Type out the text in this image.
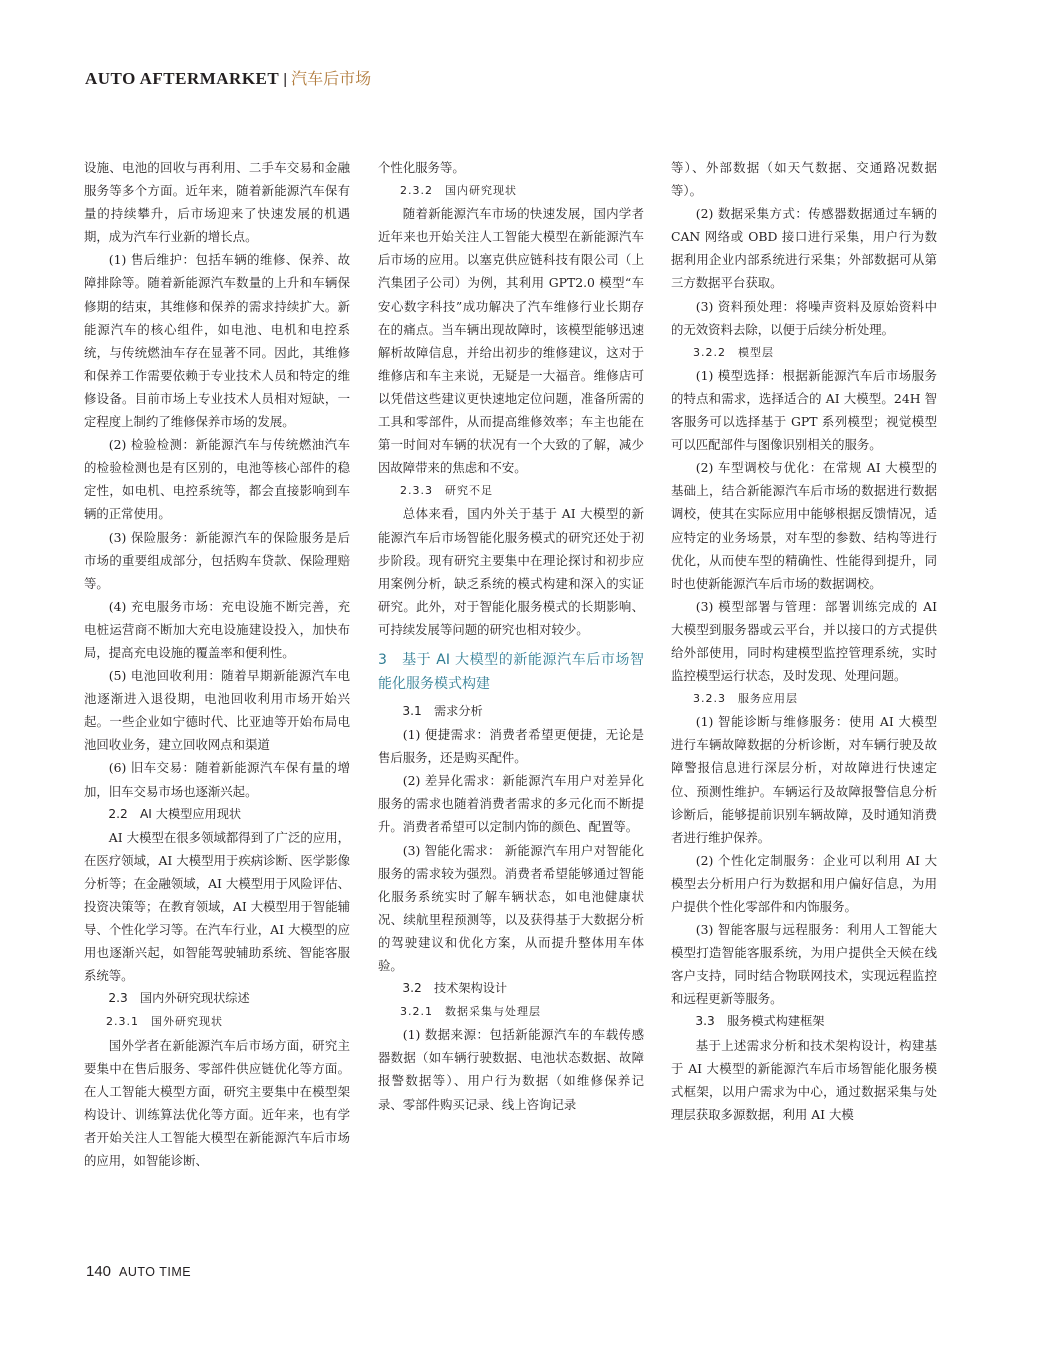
AUTO AFTERMARKET | 汽车后市场

设施、电池的回收与再利用、二手车交易和金融服务等多个方面。近年来，随着新能源汽车保有量的持续攀升，后市场迎来了快速发展的机遇期，成为汽车行业新的增长点。

(1) 售后维护：包括车辆的维修、保养、故障排除等。随着新能源汽车数量的上升和车辆保修期的结束，其维修和保养的需求持续扩大。新能源汽车的核心组件，如电池、电机和电控系统，与传统燃油车存在显著不同。因此，其维修和保养工作需要依赖于专业技术人员和特定的维修设备。目前市场上专业技术人员相对短缺，一定程度上制约了维修保养市场的发展。

(2) 检验检测：新能源汽车与传统燃油汽车的检验检测也是有区别的，电池等核心部件的稳定性，如电机、电控系统等，都会直接影响到车辆的正常使用。

(3) 保险服务：新能源汽车的保险服务是后市场的重要组成部分，包括购车贷款、保险理赔等。

(4) 充电服务市场：充电设施不断完善，充电桩运营商不断加大充电设施建设投入，加快布局，提高充电设施的覆盖率和便利性。

(5) 电池回收利用：随着早期新能源汽车电池逐渐进入退役期，电池回收利用市场开始兴起。一些企业如宁德时代、比亚迪等开始布局电池回收业务，建立回收网点和渠道

(6) 旧车交易：随着新能源汽车保有量的增加，旧车交易市场也逐渐兴起。

2.2　AI 大模型应用现状

AI 大模型在很多领域都得到了广泛的应用，在医疗领域，AI 大模型用于疾病诊断、医学影像分析等；在金融领域，AI 大模型用于风险评估、投资决策等；在教育领域，AI 大模型用于智能辅导、个性化学习等。在汽车行业，AI 大模型的应用也逐渐兴起，如智能驾驶辅助系统、智能客服系统等。

2.3　国内外研究现状综述

2.3.1　国外研究现状

国外学者在新能源汽车后市场方面，研究主要集中在售后服务、零部件供应链优化等方面。在人工智能大模型方面，研究主要集中在模型架构设计、训练算法优化等方面。近年来，也有学者开始关注人工智能大模型在新能源汽车后市场的应用，如智能诊断、

个性化服务等。

2.3.2　国内研究现状

随着新能源汽车市场的快速发展，国内学者近年来也开始关注人工智能大模型在新能源汽车后市场的应用。以塞克供应链科技有限公司（上汽集团子公司）为例，其利用 GPT2.0 模型“车安心数字科技”成功解决了汽车维修行业长期存在的痛点。当车辆出现故障时，该模型能够迅速解析故障信息，并给出初步的维修建议，这对于维修店和车主来说，无疑是一大福音。维修店可以凭借这些建议更快速地定位问题，准备所需的工具和零部件，从而提高维修效率；车主也能在第一时间对车辆的状况有一个大致的了解，减少因故障带来的焦虑和不安。

2.3.3　研究不足

总体来看，国内外关于基于 AI 大模型的新能源汽车后市场智能化服务模式的研究还处于初步阶段。现有研究主要集中在理论探讨和初步应用案例分析，缺乏系统的模式构建和深入的实证研究。此外，对于智能化服务模式的长期影响、可持续发展等问题的研究也相对较少。

3　基于 AI 大模型的新能源汽车后市场智能化服务模式构建

3.1　需求分析

(1) 便捷需求：消费者希望更便捷，无论是售后服务，还是购买配件。

(2) 差异化需求：新能源汽车用户对差异化服务的需求也随着消费者需求的多元化而不断提升。消费者希望可以定制内饰的颜色、配置等。

(3) 智能化需求： 新能源汽车用户对智能化服务的需求较为强烈。消费者希望能够通过智能化服务系统实时了解车辆状态，如电池健康状况、续航里程预测等，以及获得基于大数据分析的驾驶建议和优化方案，从而提升整体用车体验。

3.2　技术架构设计

3.2.1　数据采集与处理层

(1) 数据来源：包括新能源汽车的车载传感器数据（如车辆行驶数据、电池状态数据、故障报警数据等）、用户行为数据（如维修保养记录、零部件购买记录、线上咨询记录

等）、外部数据（如天气数据、交通路况数据等）。

(2) 数据采集方式：传感器数据通过车辆的 CAN 网络或 OBD 接口进行采集，用户行为数据利用企业内部系统进行采集；外部数据可从第三方数据平台获取。

(3) 资料预处理：将噪声资料及原始资料中的无效资料去除，以便于后续分析处理。

3.2.2　模型层

(1) 模型选择：根据新能源汽车后市场服务的特点和需求，选择适合的 AI 大模型。24H 智客服务可以选择基于 GPT 系列模型；视觉模型可以匹配部件与图像识别相关的服务。

(2) 车型调校与优化：在常规 AI 大模型的基础上，结合新能源汽车后市场的数据进行数据调校，使其在实际应用中能够根据反馈情况，适应特定的业务场景，对车型的参数、结构等进行优化，从而使车型的精确性、性能得到提升，同时也使新能源汽车后市场的数据调校。

(3) 模型部署与管理：部署训练完成的 AI 大模型到服务器或云平台，并以接口的方式提供给外部使用，同时构建模型监控管理系统，实时监控模型运行状态，及时发现、处理问题。

3.2.3　服务应用层

(1) 智能诊断与维修服务：使用 AI 大模型进行车辆故障数据的分析诊断，对车辆行驶及故障警报信息进行深层分析，对故障进行快速定位、预测性维护。车辆运行及故障报警信息分析诊断后，能够提前识别车辆故障，及时通知消费者进行维护保养。

(2) 个性化定制服务：企业可以利用 AI 大模型去分析用户行为数据和用户偏好信息，为用户提供个性化零部件和内饰服务。

(3) 智能客服与远程服务：利用人工智能大模型打造智能客服系统，为用户提供全天候在线客户支持，同时结合物联网技术，实现远程监控和远程更新等服务。

3.3　服务模式构建框架

基于上述需求分析和技术架构设计，构建基于 AI 大模型的新能源汽车后市场智能化服务模式框架，以用户需求为中心，通过数据采集与处理层获取多源数据，利用 AI 大模

140 AUTO TIME
